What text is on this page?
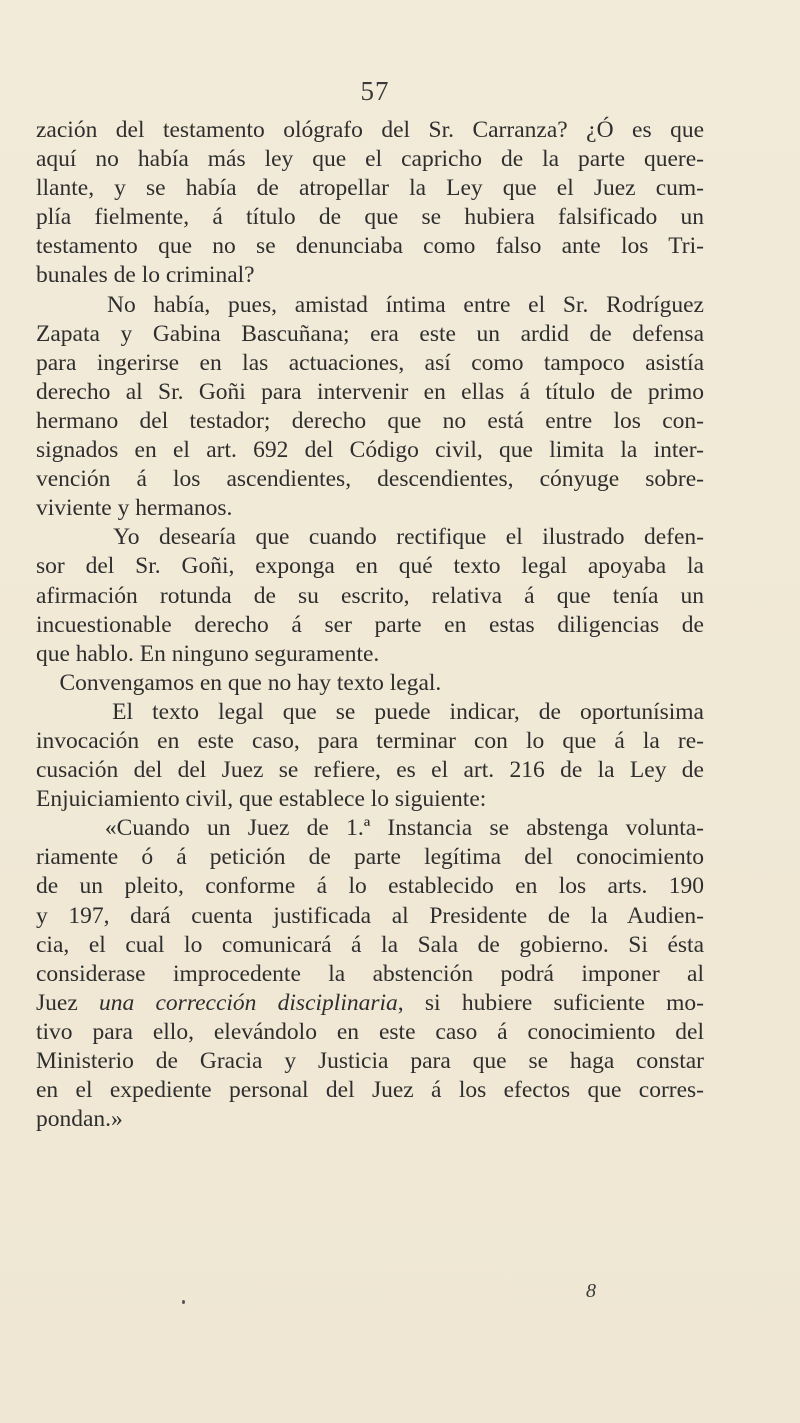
57
zación del testamento ológrafo del Sr. Carranza? ¿Ó es que
aquí no había más ley que el capricho de la parte quere-
llante, y se había de atropellar la Ley que el Juez cum-
plía fielmente, á título de que se hubiera falsificado un
testamento que no se denunciaba como falso ante los Tri-
bunales de lo criminal?
No había, pues, amistad íntima entre el Sr. Rodríguez
Zapata y Gabina Bascuñana; era este un ardid de defensa
para ingerirse en las actuaciones, así como tampoco asistía
derecho al Sr. Goñi para intervenir en ellas á título de primo
hermano del testador; derecho que no está entre los con-
signados en el art. 692 del Código civil, que limita la inter-
vención á los ascendientes, descendientes, cónyuge sobre-
viviente y hermanos.
Yo desearía que cuando rectifique el ilustrado defen-
sor del Sr. Goñi, exponga en qué texto legal apoyaba la
afirmación rotunda de su escrito, relativa á que tenía un
incuestionable derecho á ser parte en estas diligencias de
que hablo. En ninguno seguramente.
Convengamos en que no hay texto legal.
El texto legal que se puede indicar, de oportunísima
invocación en este caso, para terminar con lo que á la re-
cusación del del Juez se refiere, es el art. 216 de la Ley de
Enjuiciamiento civil, que establece lo siguiente:
«Cuando un Juez de 1.ª Instancia se abstenga volunta-
riamente ó á petición de parte legítima del conocimiento
de un pleito, conforme á lo establecido en los arts. 190
y 197, dará cuenta justificada al Presidente de la Audien-
cia, el cual lo comunicará á la Sala de gobierno. Si ésta
considerase improcedente la abstención podrá imponer al
Juez una corrección disciplinaria, si hubiere suficiente mo-
tivo para ello, elevándolo en este caso á conocimiento del
Ministerio de Gracia y Justicia para que se haga constar
en el expediente personal del Juez á los efectos que corres-
pondan.»
8
